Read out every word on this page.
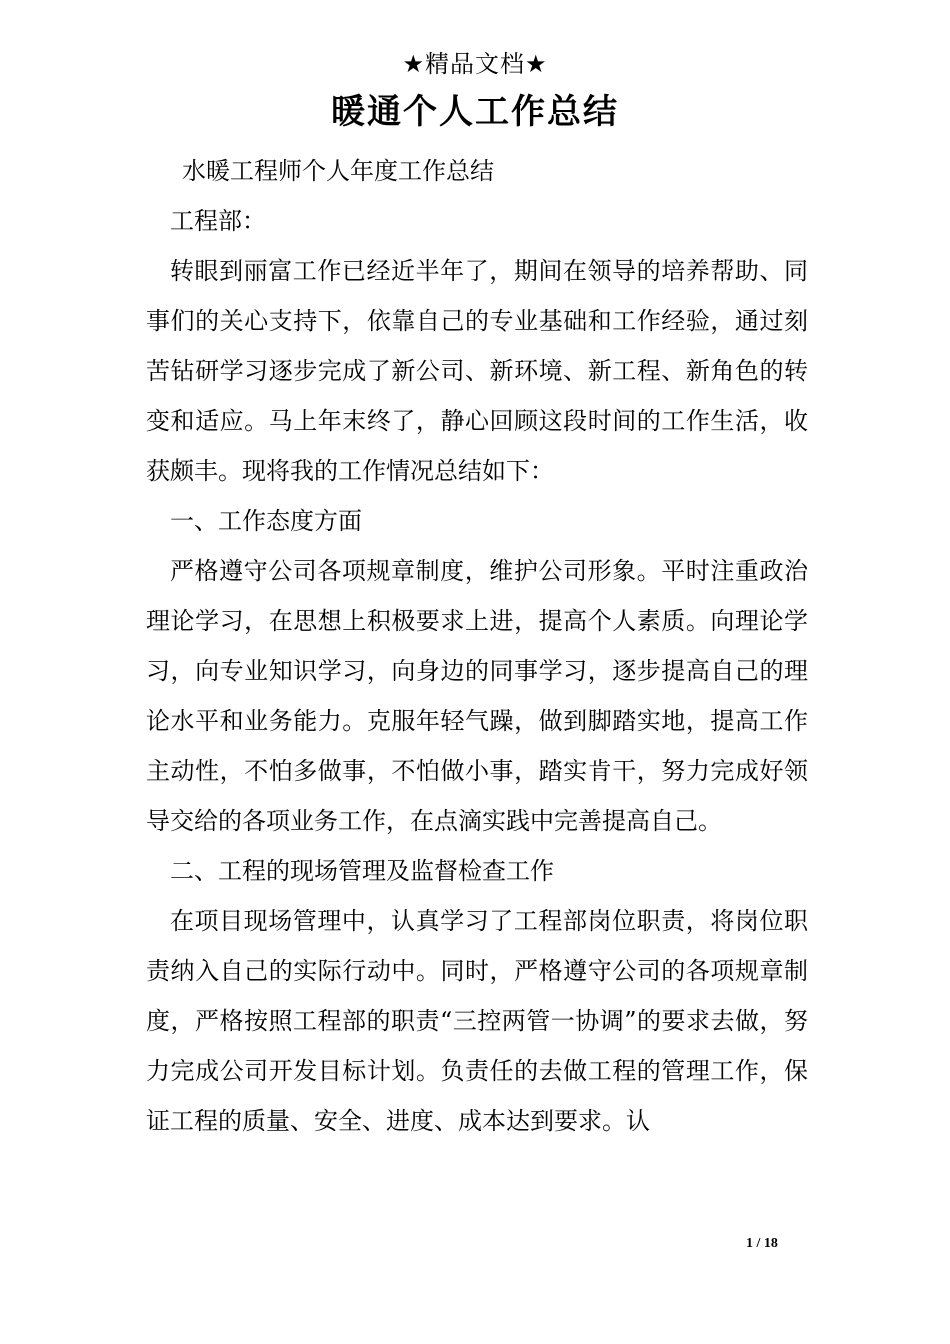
★精品文档★
暖通个人工作总结

水暖工程师个人年度工作总结

工程部：

转眼到丽富工作已经近半年了，期间在领导的培养帮助、同事们的关心支持下，依靠自己的专业基础和工作经验，通过刻苦钻研学习逐步完成了新公司、新环境、新工程、新角色的转变和适应。马上年末终了，静心回顾这段时间的工作生活，收获颇丰。现将我的工作情况总结如下：

一、工作态度方面

严格遵守公司各项规章制度，维护公司形象。平时注重政治理论学习，在思想上积极要求上进，提高个人素质。向理论学习，向专业知识学习，向身边的同事学习，逐步提高自己的理论水平和业务能力。克服年轻气躁，做到脚踏实地，提高工作主动性，不怕多做事，不怕做小事，踏实肯干，努力完成好领导交给的各项业务工作，在点滴实践中完善提高自己。

二、工程的现场管理及监督检查工作

在项目现场管理中，认真学习了工程部岗位职责，将岗位职责纳入自己的实际行动中。同时，严格遵守公司的各项规章制度，严格按照工程部的职责“三控两管一协调”的要求去做，努力完成公司开发目标计划。负责任的去做工程的管理工作，保证工程的质量、安全、进度、成本达到要求。认

1 / 18
